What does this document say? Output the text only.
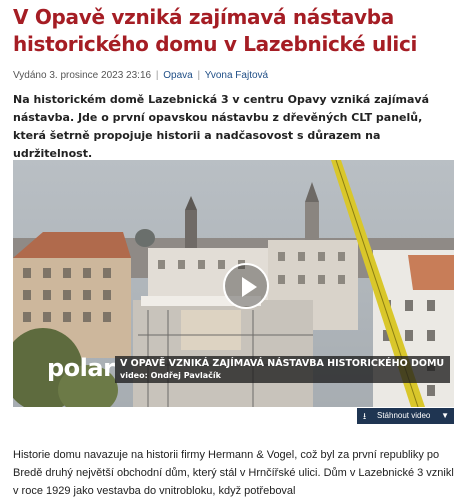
V Opavě vzniká zajímavá nástavba historického domu v Lazebnické ulici
Vydáno 3. prosince 2023 23:16 | Opava | Yvona Fajtová

Na historickém domě Lazebnická 3 v centru Opavy vzniká zajímavá nástavba. Jde o první opavskou nástavbu z dřevěných CLT panelů, která šetrně propojuje historii a nadčasovost s důrazem na udržitelnost.

polar V OPAVĚ VZNIKÁ ZAJÍMAVÁ NÁSTAVBA HISTORICKÉHO DOMU
video: Ondřej Pavlačík
⭳	Stáhnout video ▼

Historie domu navazuje na historii firmy Hermann & Vogel, což byl za první republiky po Bredě druhý největší obchodní dům, který stál v Hrnčířské ulici. Dům v Lazebnické 3 vznikl v roce 1929 jako vestavba do vnitrobloku, když potřeboval
